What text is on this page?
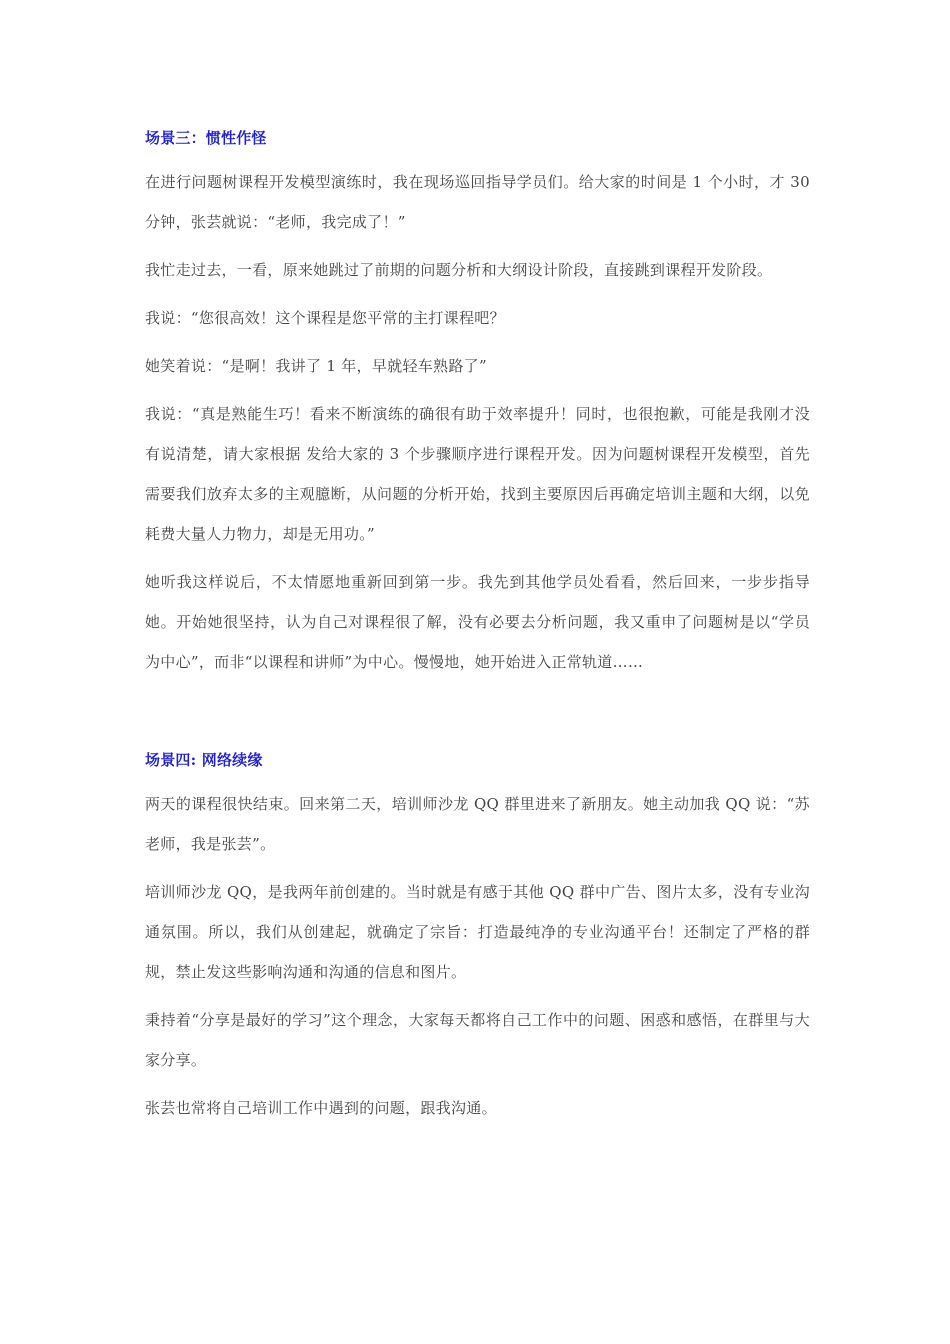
场景三：惯性作怪

在进行问题树课程开发模型演练时，我在现场巡回指导学员们。给大家的时间是 1 个小时，才 30 分钟，张芸就说：“老师，我完成了！”

我忙走过去，一看，原来她跳过了前期的问题分析和大纲设计阶段，直接跳到课程开发阶段。

我说：“您很高效！这个课程是您平常的主打课程吧？

她笑着说：“是啊！我讲了 1 年，早就轻车熟路了”

我说：“真是熟能生巧！看来不断演练的确很有助于效率提升！同时，也很抱歉，可能是我刚才没有说清楚，请大家根据 发给大家的 3 个步骤顺序进行课程开发。因为问题树课程开发模型，首先需要我们放弃太多的主观臆断，从问题的分析开始，找到主要原因后再确定培训主题和大纲，以免耗费大量人力物力，却是无用功。”

她听我这样说后，不太情愿地重新回到第一步。我先到其他学员处看看，然后回来，一步步指导她。开始她很坚持，认为自己对课程很了解，没有必要去分析问题，我又重申了问题树是以“学员为中心”，而非“以课程和讲师”为中心。慢慢地，她开始进入正常轨道……

场景四: 网络续缘

两天的课程很快结束。回来第二天，培训师沙龙 QQ 群里进来了新朋友。她主动加我 QQ 说：“苏老师，我是张芸”。

培训师沙龙 QQ，是我两年前创建的。当时就是有感于其他 QQ 群中广告、图片太多，没有专业沟通氛围。所以，我们从创建起，就确定了宗旨：打造最纯净的专业沟通平台！还制定了严格的群规，禁止发这些影响沟通和沟通的信息和图片。

秉持着“分享是最好的学习”这个理念，大家每天都将自己工作中的问题、困惑和感悟，在群里与大家分享。

张芸也常将自己培训工作中遇到的问题，跟我沟通。
